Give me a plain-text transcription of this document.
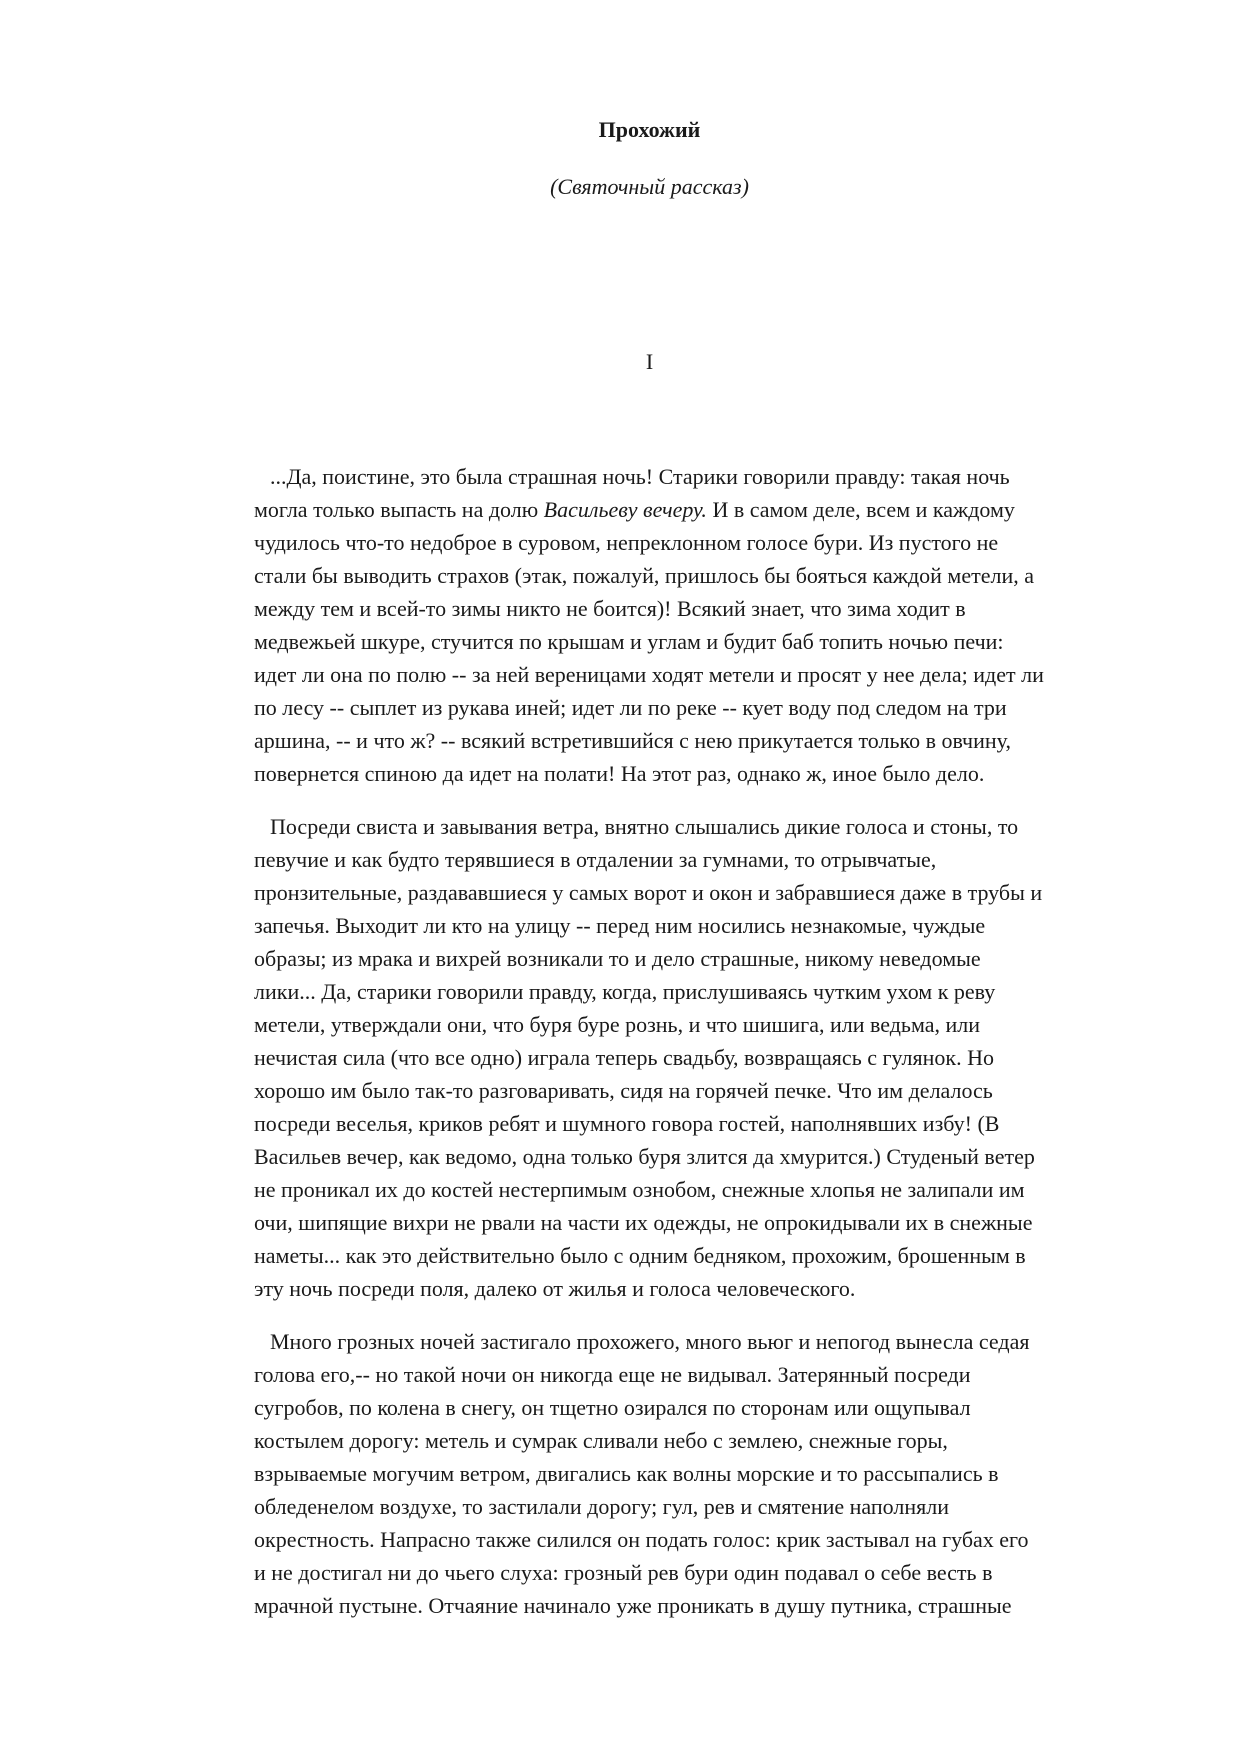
Прохожий
(Святочный рассказ)
I

...Да, поистине, это была страшная ночь! Старики говорили правду: такая ночь
могла только выпасть на долю Васильеву вечеру. И в самом деле, всем и каждому
чудилось что-то недоброе в суровом, непреклонном голосе бури. Из пустого не
стали бы выводить страхов (этак, пожалуй, пришлось бы бояться каждой метели, а
между тем и всей-то зимы никто не боится)! Всякий знает, что зима ходит в
медвежьей шкуре, стучится по крышам и углам и будит баб топить ночью печи:
идет ли она по полю -- за ней вереницами ходят метели и просят у нее дела; идет ли
по лесу -- сыплет из рукава иней; идет ли по реке -- кует воду под следом на три
аршина, -- и что ж? -- всякий встретившийся с нею прикутается только в овчину,
повернется спиною да идет на полати! На этот раз, однако ж, иное было дело.

Посреди свиста и завывания ветра, внятно слышались дикие голоса и стоны, то
певучие и как будто терявшиеся в отдалении за гумнами, то отрывчатые,
пронзительные, раздававшиеся у самых ворот и окон и забравшиеся даже в трубы и
запечья. Выходит ли кто на улицу -- перед ним носились незнакомые, чуждые
образы; из мрака и вихрей возникали то и дело страшные, никому неведомые
лики... Да, старики говорили правду, когда, прислушиваясь чутким ухом к реву
метели, утверждали они, что буря буре рознь, и что шишига, или ведьма, или
нечистая сила (что все одно) играла теперь свадьбу, возвращаясь с гулянок. Но
хорошо им было так-то разговаривать, сидя на горячей печке. Что им делалось
посреди веселья, криков ребят и шумного говора гостей, наполнявших избу! (В
Васильев вечер, как ведомо, одна только буря злится да хмурится.) Студеный ветер
не проникал их до костей нестерпимым ознобом, снежные хлопья не залипали им
очи, шипящие вихри не рвали на части их одежды, не опрокидывали их в снежные
наметы... как это действительно было с одним бедняком, прохожим, брошенным в
эту ночь посреди поля, далеко от жилья и голоса человеческого.

Много грозных ночей застигало прохожего, много вьюг и непогод вынесла седая
голова его,-- но такой ночи он никогда еще не видывал. Затерянный посреди
сугробов, по колена в снегу, он тщетно озирался по сторонам или ощупывал
костылем дорогу: метель и сумрак сливали небо с землею, снежные горы,
взрываемые могучим ветром, двигались как волны морские и то рассыпались в
обледенелом воздухе, то застилали дорогу; гул, рев и смятение наполняли
окрестность. Напрасно также силился он подать голос: крик застывал на губах его
и не достигал ни до чьего слуха: грозный рев бури один подавал о себе весть в
мрачной пустыне. Отчаяние начинало уже проникать в душу путника, страшные
